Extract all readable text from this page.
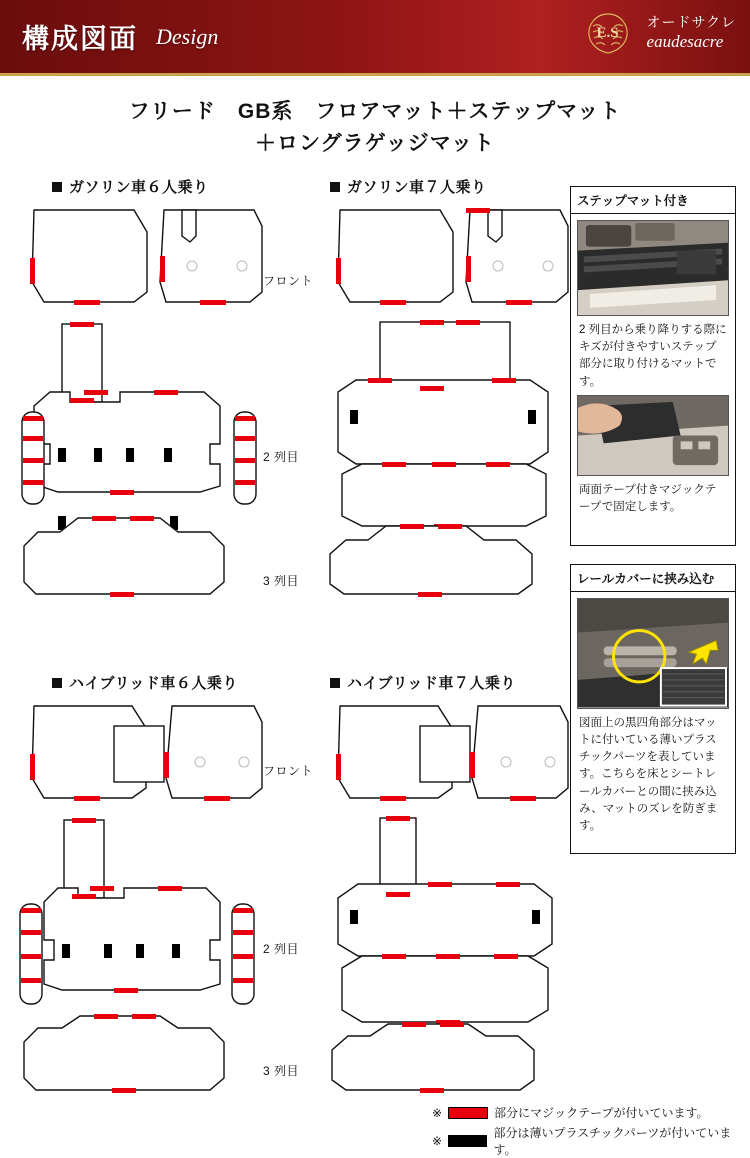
構成図面 Design	E.S
オードサクレ
eaudesacre
フリード　GB系　フロアマット＋ステップマット
＋ロングラゲッジマット
ガソリン車６人乗り	ガソリン車７人乗り
ハイブリッド車６人乗り	ハイブリッド車７人乗り
フロント
2 列目
3 列目
フロント
2 列目
3 列目
ステップマット付き
2 列目から乗り降りする際にキズが付きやすいステップ部分に取り付けるマットです。
両面テープ付きマジックテープで固定します。
レールカバーに挟み込む
図面上の黒四角部分はマットに付いている薄いプラスチックパーツを表しています。こちらを床とシートレールカバーとの間に挟み込み、マットのズレを防ぎます。
※	部分にマジックテープが付いています。
※
部分は薄いプラスチックパーツが付いています。
